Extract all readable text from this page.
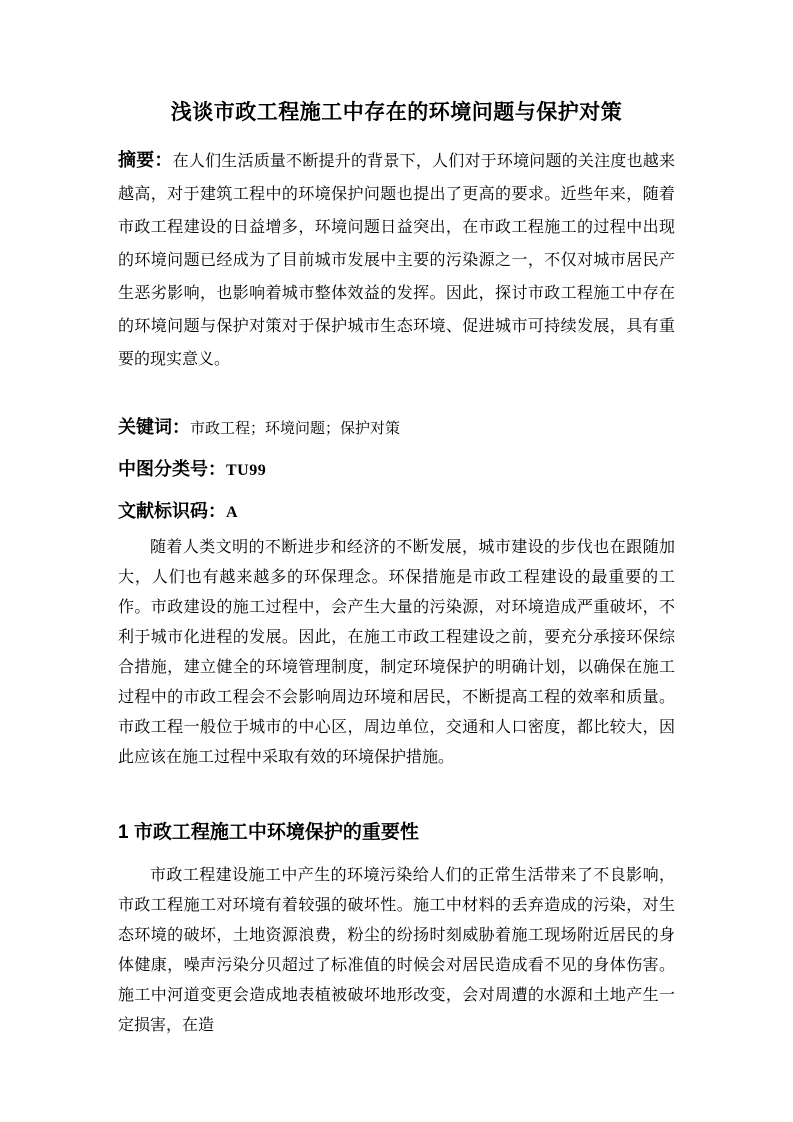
浅谈市政工程施工中存在的环境问题与保护对策

摘要：在人们生活质量不断提升的背景下，人们对于环境问题的关注度也越来越高，对于建筑工程中的环境保护问题也提出了更高的要求。近些年来，随着市政工程建设的日益增多，环境问题日益突出，在市政工程施工的过程中出现的环境问题已经成为了目前城市发展中主要的污染源之一，不仅对城市居民产生恶劣影响，也影响着城市整体效益的发挥。因此，探讨市政工程施工中存在的环境问题与保护对策对于保护城市生态环境、促进城市可持续发展，具有重要的现实意义。

关键词：市政工程；环境问题；保护对策

中图分类号：TU99

文献标识码：A

随着人类文明的不断进步和经济的不断发展，城市建设的步伐也在跟随加大，人们也有越来越多的环保理念。环保措施是市政工程建设的最重要的工作。市政建设的施工过程中，会产生大量的污染源，对环境造成严重破坏，不利于城市化进程的发展。因此，在施工市政工程建设之前，要充分承接环保综合措施，建立健全的环境管理制度，制定环境保护的明确计划，以确保在施工过程中的市政工程会不会影响周边环境和居民，不断提高工程的效率和质量。市政工程一般位于城市的中心区，周边单位，交通和人口密度，都比较大，因此应该在施工过程中采取有效的环境保护措施。

1 市政工程施工中环境保护的重要性

市政工程建设施工中产生的环境污染给人们的正常生活带来了不良影响，市政工程施工对环境有着较强的破坏性。施工中材料的丢弃造成的污染，对生态环境的破坏，土地资源浪费，粉尘的纷扬时刻威胁着施工现场附近居民的身体健康，噪声污染分贝超过了标准值的时候会对居民造成看不见的身体伤害。施工中河道变更会造成地表植被破坏地形改变，会对周遭的水源和土地产生一定损害，在造
